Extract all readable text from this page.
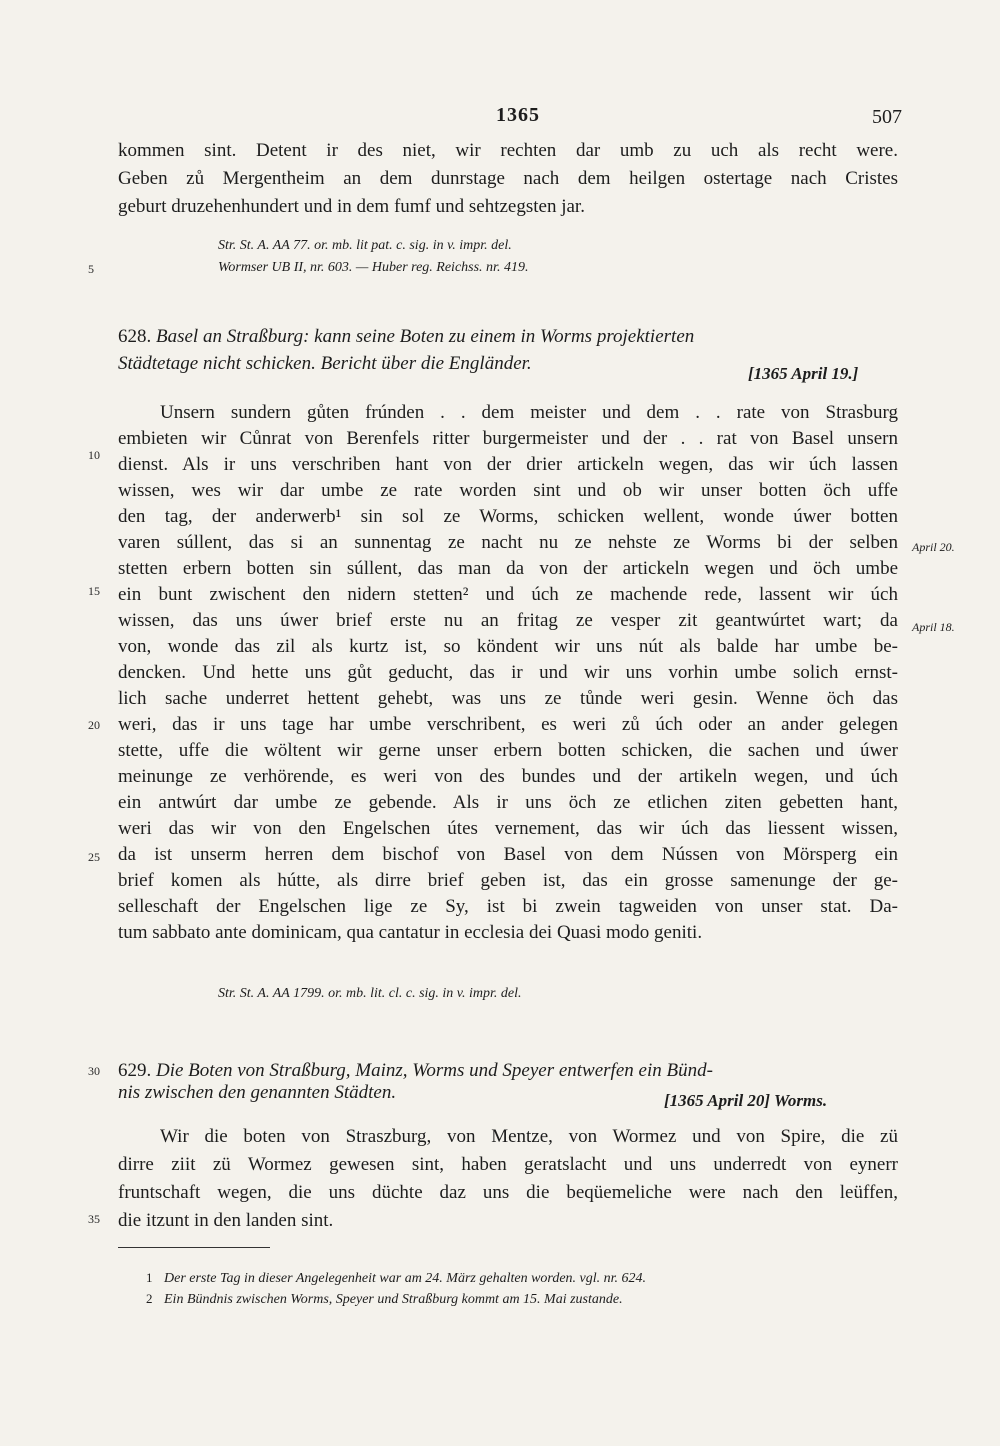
1365	507
kommen sint. Detent ir des niet, wir rechten dar umb zu uch als recht were.
Geben zů Mergentheim an dem dunrstage nach dem heilgen ostertage nach Cristes
geburt druzehenhundert und in dem fumf und sehtzegsten jar.
Str. St. A. AA 77. or. mb. lit pat. c. sig. in v. impr. del.
Wormser UB II, nr. 603. — Huber reg. Reichss. nr. 419.
628. Basel an Straßburg: kann seine Boten zu einem in Worms projektierten
Städtetage nicht schicken. Bericht über die Engländer.	[1365 April 19.]
Unsern sundern gůten frúnden . . dem meister und dem . . rate von Strasburg
embieten wir Cůnrat von Berenfels ritter burgermeister und der . . rat von Basel unsern
dienst. Als ir uns verschriben hant von der drier artickeln wegen, das wir úch lassen
wissen, wes wir dar umbe ze rate worden sint und ob wir unser botten öch uffe
den tag, der anderwerb¹ sin sol ze Worms, schicken wellent, wonde úwer botten
varen súllent, das si an sunnentag ze nacht nu ze nehste ze Worms bi der selben
stetten erbern botten sin súllent, das man da von der artickeln wegen und öch umbe
ein bunt zwischent den nidern stetten² und úch ze machende rede, lassent wir úch
wissen, das uns úwer brief erste nu an fritag ze vesper zit geantwúrtet wart; da
von, wonde das zil als kurtz ist, so köndent wir uns nút als balde har umbe be-
dencken. Und hette uns gůt geducht, das ir und wir uns vorhin umbe solich ernst-
lich sache underret hettent gehebt, was uns ze tůnde weri gesin. Wenne öch das
weri, das ir uns tage har umbe verschribent, es weri zů úch oder an ander gelegen
stette, uffe die wöltent wir gerne unser erbern botten schicken, die sachen und úwer
meinunge ze verhörende, es weri von des bundes und der artikeln wegen, und úch
ein antwúrt dar umbe ze gebende. Als ir uns öch ze etlichen ziten gebetten hant,
weri das wir von den Engelschen útes vernement, das wir úch das liessent wissen,
da ist unserm herren dem bischof von Basel von dem Nússen von Mörsperg ein
brief komen als hútte, als dirre brief geben ist, das ein grosse samenunge der ge-
selleschaft der Engelschen lige ze Sy, ist bi zwein tagweiden von unser stat. Da-
tum sabbato ante dominicam, qua cantatur in ecclesia dei Quasi modo geniti.
Str. St. A. AA 1799. or. mb. lit. cl. c. sig. in v. impr. del.
April 20.
April 18.
629. Die Boten von Straßburg, Mainz, Worms und Speyer entwerfen ein Bünd-
nis zwischen den genannten Städten.	[1365 April 20] Worms.
Wir die boten von Straszburg, von Mentze, von Wormez und von Spire, die zü
dirre ziit zü Wormez gewesen sint, haben geratslacht und uns underredt von eynerr
fruntschaft wegen, die uns düchte daz uns die beqüemeliche were nach den leüffen,
die itzunt in den landen sint.
5
10
15
20
25
30
35
1 Der erste Tag in dieser Angelegenheit war am 24. März gehalten worden. vgl. nr. 624.
2 Ein Bündnis zwischen Worms, Speyer und Straßburg kommt am 15. Mai zustande.
